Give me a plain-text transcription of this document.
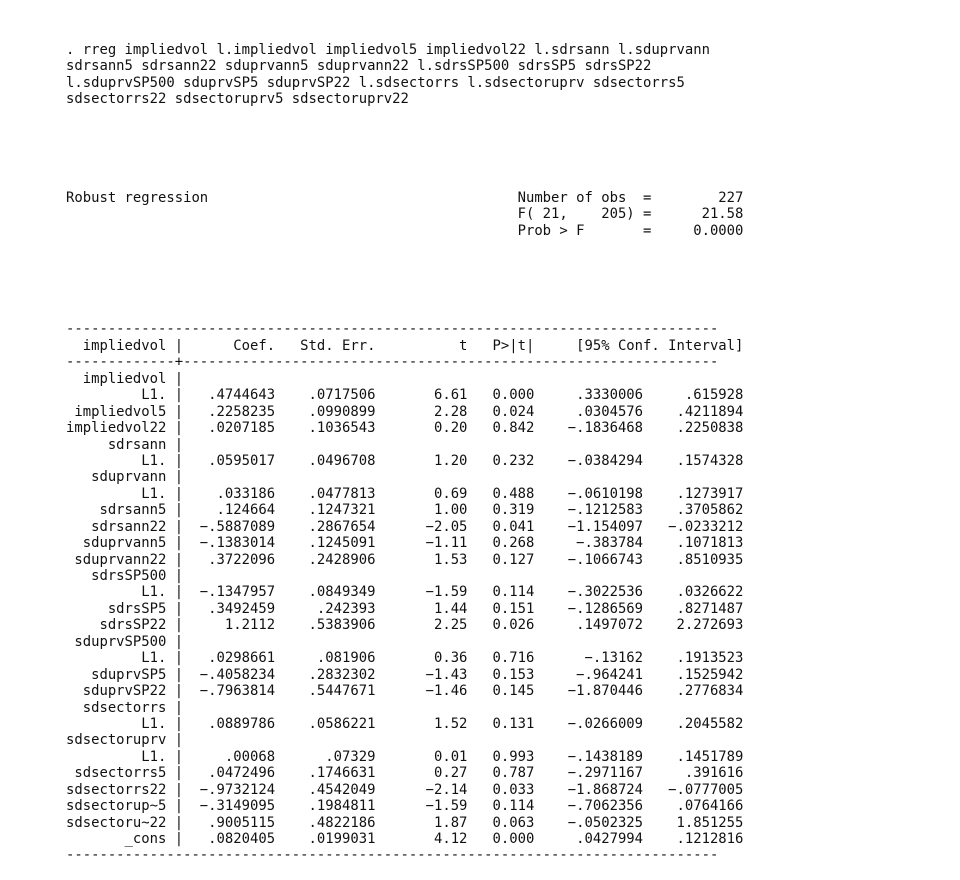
. rreg impliedvol l.impliedvol impliedvol5 impliedvol22 l.sdrsann l.sduprvann
sdrsann5 sdrsann22 sduprvann5 sduprvann22 l.sdrsSP500 sdrsSP5 sdrsSP22
l.sduprvSP500 sduprvSP5 sduprvSP22 l.sdsectorrs l.sdsectoruprv sdsectorrs5
sdsectorrs22 sdsectoruprv5 sdsectoruprv22

Robust regression                                     Number of obs  =        227
F( 21,    205) =      21.58
Prob > F       =     0.0000

------------------------------------------------------------------------------
impliedvol |      Coef.   Std. Err.          t   P>|t|     [95% Conf. Interval]
-------------+----------------------------------------------------------------
impliedvol |
L1. |   .4744643    .0717506       6.61   0.000     .3330006     .615928
impliedvol5 |   .2258235    .0990899       2.28   0.024     .0304576    .4211894
impliedvol22 |   .0207185    .1036543       0.20   0.842    −.1836468    .2250838
sdrsann |
L1. |   .0595017    .0496708       1.20   0.232    −.0384294    .1574328
sduprvann |
L1. |    .033186    .0477813       0.69   0.488    −.0610198    .1273917
sdrsann5 |    .124664    .1247321       1.00   0.319    −.1212583    .3705862
sdrsann22 |  −.5887089    .2867654      −2.05   0.041    −1.154097   −.0233212
sduprvann5 |  −.1383014    .1245091      −1.11   0.268     −.383784    .1071813
sduprvann22 |   .3722096    .2428906       1.53   0.127    −.1066743    .8510935
sdrsSP500 |
L1. |  −.1347957    .0849349      −1.59   0.114    −.3022536    .0326622
sdrsSP5 |   .3492459     .242393       1.44   0.151    −.1286569    .8271487
sdrsSP22 |     1.2112    .5383906       2.25   0.026     .1497072    2.272693
sduprvSP500 |
L1. |   .0298661     .081906       0.36   0.716      −.13162    .1913523
sduprvSP5 |  −.4058234    .2832302      −1.43   0.153     −.964241    .1525942
sduprvSP22 |  −.7963814    .5447671      −1.46   0.145    −1.870446    .2776834
sdsectorrs |
L1. |   .0889786    .0586221       1.52   0.131    −.0266009    .2045582
sdsectoruprv |
L1. |     .00068      .07329       0.01   0.993    −.1438189    .1451789
sdsectorrs5 |   .0472496    .1746631       0.27   0.787    −.2971167     .391616
sdsectorrs22 |  −.9732124    .4542049      −2.14   0.033    −1.868724   −.0777005
sdsectorup~5 |  −.3149095    .1984811      −1.59   0.114    −.7062356    .0764166
sdsectoru~22 |   .9005115    .4822186       1.87   0.063    −.0502325    1.851255
_cons |   .0820405    .0199031       4.12   0.000     .0427994    .1212816
------------------------------------------------------------------------------
